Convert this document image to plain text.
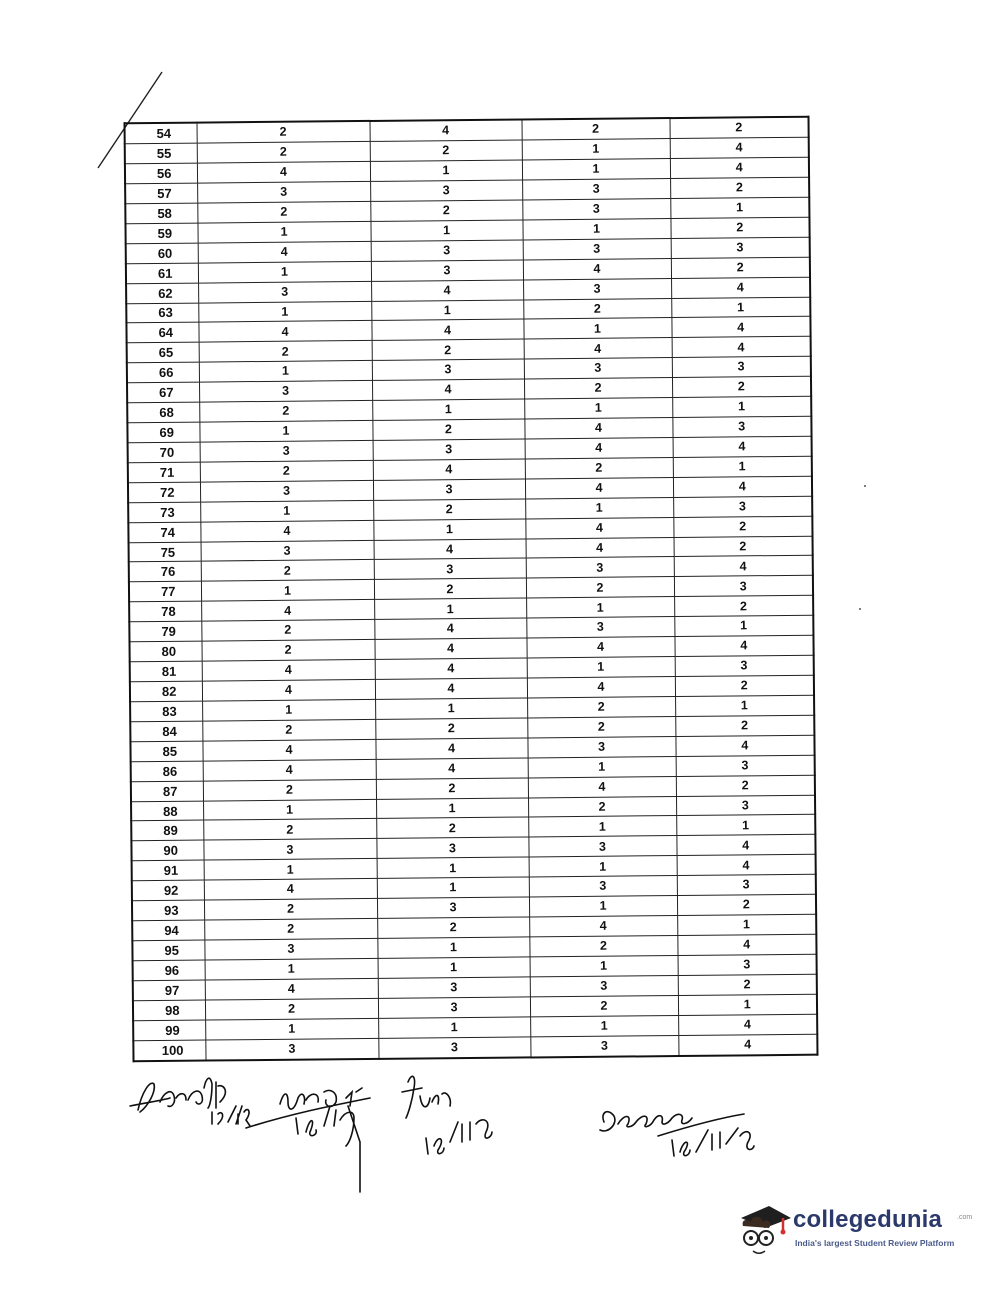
54	2	4	2	2
55	2	2	1	4
56	4	1	1	4
57	3	3	3	2
58	2	2	3	1
59	1	1	1	2
60	4	3	3	3
61	1	3	4	2
62	3	4	3	4
63	1	1	2	1
64	4	4	1	4
65	2	2	4	4
66	1	3	3	3
67	3	4	2	2
68	2	1	1	1
69	1	2	4	3
70	3	3	4	4
71	2	4	2	1
72	3	3	4	4
73	1	2	1	3
74	4	1	4	2
75	3	4	4	2
76	2	3	3	4
77	1	2	2	3
78	4	1	1	2
79	2	4	3	1
80	2	4	4	4
81	4	4	1	3
82	4	4	4	2
83	1	1	2	1
84	2	2	2	2
85	4	4	3	4
86	4	4	1	3
87	2	2	4	2
88	1	1	2	3
89	2	2	1	1
90	3	3	3	4
91	1	1	1	4
92	4	1	3	3
93	2	3	1	2
94	2	2	4	1
95	3	1	2	4
96	1	1	1	3
97	4	3	3	2
98	2	3	2	1
99	1	1	1	4
100	3	3	3	4
collegedunia .com
India's largest Student Review Platform
